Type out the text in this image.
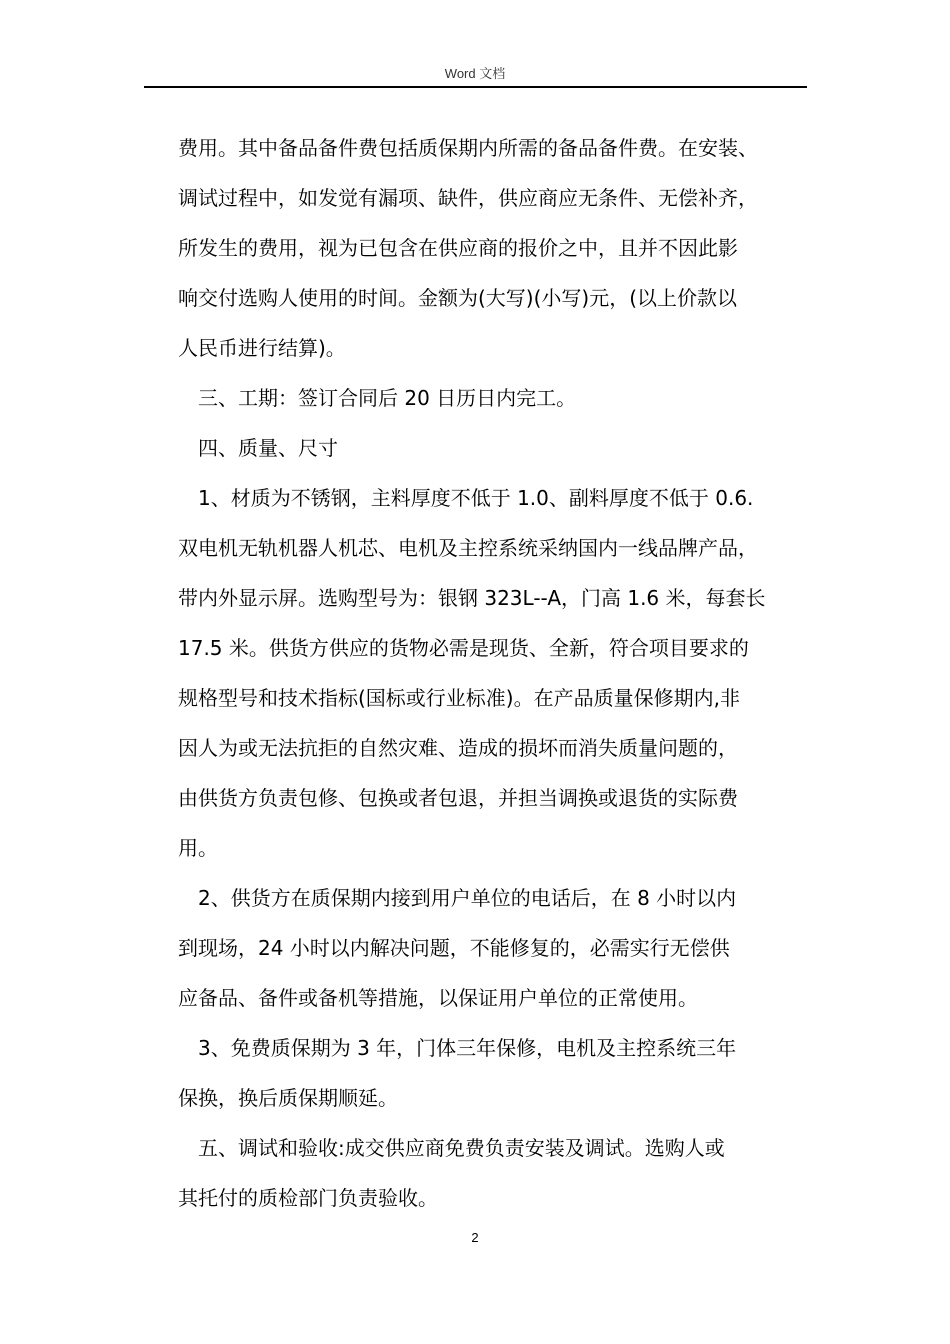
Word 文档
费用。其中备品备件费包括质保期内所需的备品备件费。在安装、
调试过程中，如发觉有漏项、缺件，供应商应无条件、无偿补齐，
所发生的费用，视为已包含在供应商的报价之中，且并不因此影
响交付选购人使用的时间。金额为(大写)(小写)元，(以上价款以
人民币进行结算)。
三、工期：签订合同后 20 日历日内完工。
四、质量、尺寸
1、材质为不锈钢，主料厚度不低于 1.0、副料厚度不低于 0.6.
双电机无轨机器人机芯、电机及主控系统采纳国内一线品牌产品，
带内外显示屏。选购型号为：银钢 323L--A，门高 1.6 米，每套长
17.5 米。供货方供应的货物必需是现货、全新，符合项目要求的
规格型号和技术指标(国标或行业标准)。在产品质量保修期内,非
因人为或无法抗拒的自然灾难、造成的损坏而消失质量问题的，
由供货方负责包修、包换或者包退，并担当调换或退货的实际费
用。
2、供货方在质保期内接到用户单位的电话后，在 8 小时以内
到现场，24 小时以内解决问题，不能修复的，必需实行无偿供
应备品、备件或备机等措施，以保证用户单位的正常使用。
3、免费质保期为 3 年，门体三年保修，电机及主控系统三年
保换，换后质保期顺延。
五、调试和验收:成交供应商免费负责安装及调试。选购人或
其托付的质检部门负责验收。
2
